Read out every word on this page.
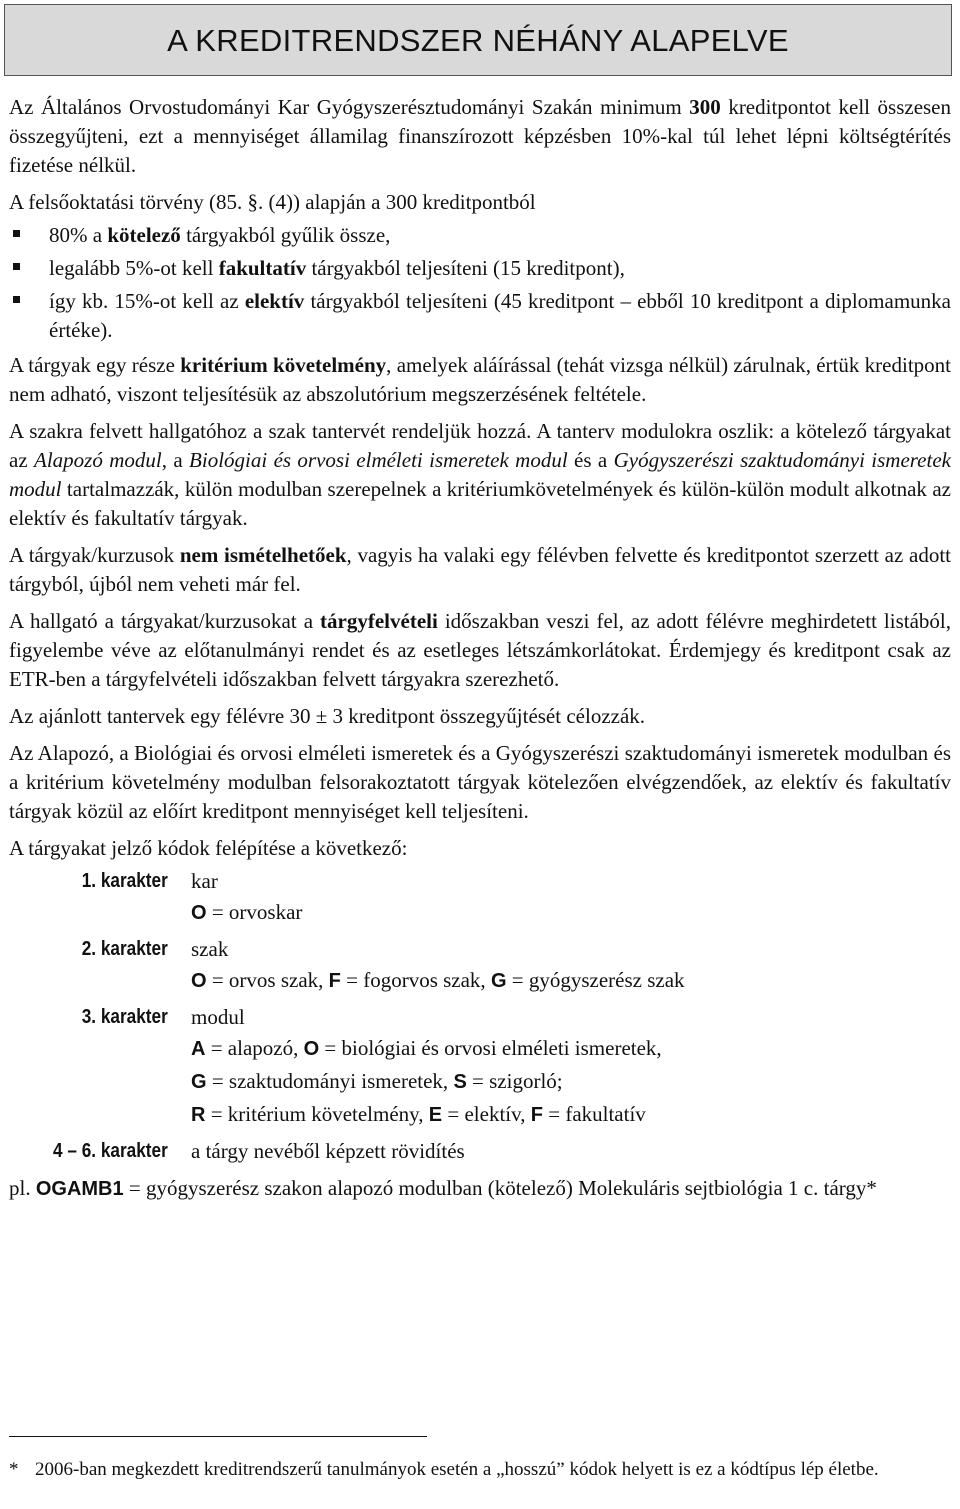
A KREDITRENDSZER NÉHÁNY ALAPELVE

Az Általános Orvostudományi Kar Gyógyszerésztudományi Szakán minimum 300 kreditpontot kell összesen összegyűjteni, ezt a mennyiséget államilag finanszírozott képzésben 10%-kal túl lehet lépni költségtérítés fizetése nélkül.

A felsőoktatási törvény (85. §. (4)) alapján a 300 kreditpontból

80% a kötelező tárgyakból gyűlik össze,
legalább 5%-ot kell fakultatív tárgyakból teljesíteni (15 kreditpont),
így kb. 15%-ot kell az elektív tárgyakból teljesíteni (45 kreditpont – ebből 10 kreditpont a diplomamunka értéke).

A tárgyak egy része kritérium követelmény, amelyek aláírással (tehát vizsga nélkül) zárulnak, értük kreditpont nem adható, viszont teljesítésük az abszolutórium megszerzésének feltétele.

A szakra felvett hallgatóhoz a szak tantervét rendeljük hozzá. A tanterv modulokra oszlik: a kötelező tárgyakat az Alapozó modul, a Biológiai és orvosi elméleti ismeretek modul és a Gyógyszerészi szaktudományi ismeretek modul tartalmazzák, külön modulban szerepelnek a kritériumkövetelmények és külön-külön modult alkotnak az elektív és fakultatív tárgyak.

A tárgyak/kurzusok nem ismételhetőek, vagyis ha valaki egy félévben felvette és kreditpontot szerzett az adott tárgyból, újból nem veheti már fel.

A hallgató a tárgyakat/kurzusokat a tárgyfelvételi időszakban veszi fel, az adott félévre meghirdetett listából, figyelembe véve az előtanulmányi rendet és az esetleges létszámkorlátokat. Érdemjegy és kreditpont csak az ETR-ben a tárgyfelvételi időszakban felvett tárgyakra szerezhető.

Az ajánlott tantervek egy félévre 30 ± 3 kreditpont összegyűjtését célozzák.

Az Alapozó, a Biológiai és orvosi elméleti ismeretek és a Gyógyszerészi szaktudományi ismeretek modulban és a kritérium követelmény modulban felsorakoztatott tárgyak kötelezően elvégzendőek, az elektív és fakultatív tárgyak közül az előírt kreditpont mennyiséget kell teljesíteni.

A tárgyakat jelző kódok felépítése a következő:

1. karakter	kar
O = orvoskar
2. karakter	szak
O = orvos szak, F = fogorvos szak, G = gyógyszerész szak
3. karakter	modul
A = alapozó, O = biológiai és orvosi elméleti ismeretek,
G = szaktudományi ismeretek, S = szigorló;
R = kritérium követelmény, E = elektív, F = fakultatív
4 – 6. karakter	a tárgy nevéből képzett rövidítés

pl. OGAMB1 = gyógyszerész szakon alapozó modulban (kötelező) Molekuláris sejtbiológia 1 c. tárgy*

* 2006-ban megkezdett kreditrendszerű tanulmányok esetén a „hosszú” kódok helyett is ez a kódtípus lép életbe.
